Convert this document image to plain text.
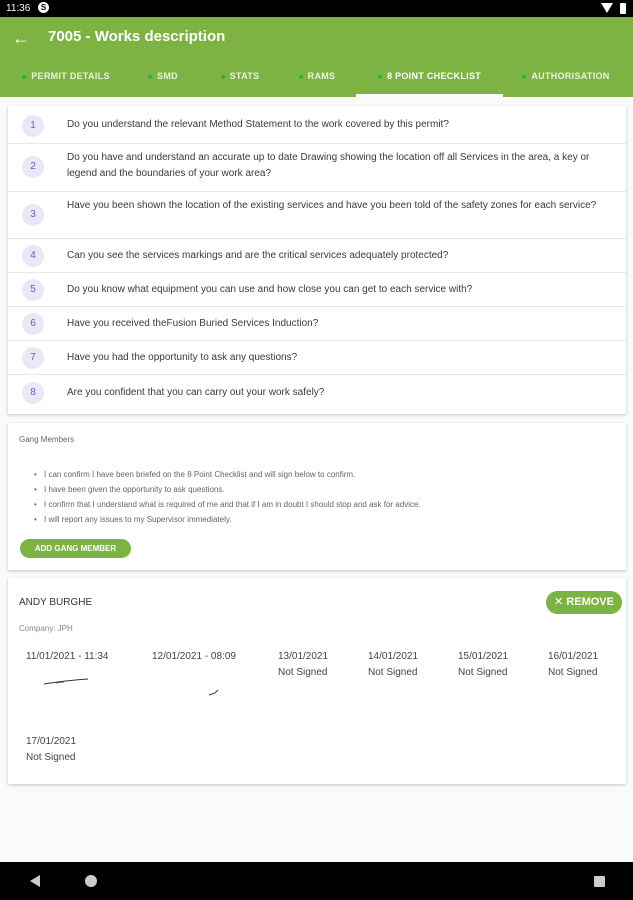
11:36	S
← 7005 - Works description
PERMIT DETAILS	SMD	STATS	RAMS	8 POINT CHECKLIST	AUTHORISATION
1	Do you understand the relevant Method Statement to the work covered by this permit?
2
Do you have and understand an accurate up to date Drawing showing the location off all Services in the area, a key or legend and the boundaries of your work area?
3
Have you been shown the location of the existing services and have you been told of the safety zones for each service?
4	Can you see the services markings and are the critical services adequately protected?
5	Do you know what equipment you can use and how close you can get to each service with?
6	Have you received theFusion Buried Services Induction?
7	Have you had the opportunity to ask any questions?
8	Are you confident that you can carry out your work safely?
Gang Members
• I can confirm I have been briefed on the 8 Point Checklist and will sign below to confirm.
• I have been given the opportunity to ask questions.
• I confirm that I understand what is required of me and that if I am in doubt I should stop and ask for advice.
• I will report any issues to my Supervisor immediately.
ADD GANG MEMBER
ANDY BURGHE	✕ REMOVE
Company: JPH
11/01/2021 - 11:34	12/01/2021 - 08:09	13/01/2021
Not Signed
14/01/2021
Not Signed
15/01/2021
Not Signed
16/01/2021
Not Signed
17/01/2021
Not Signed
